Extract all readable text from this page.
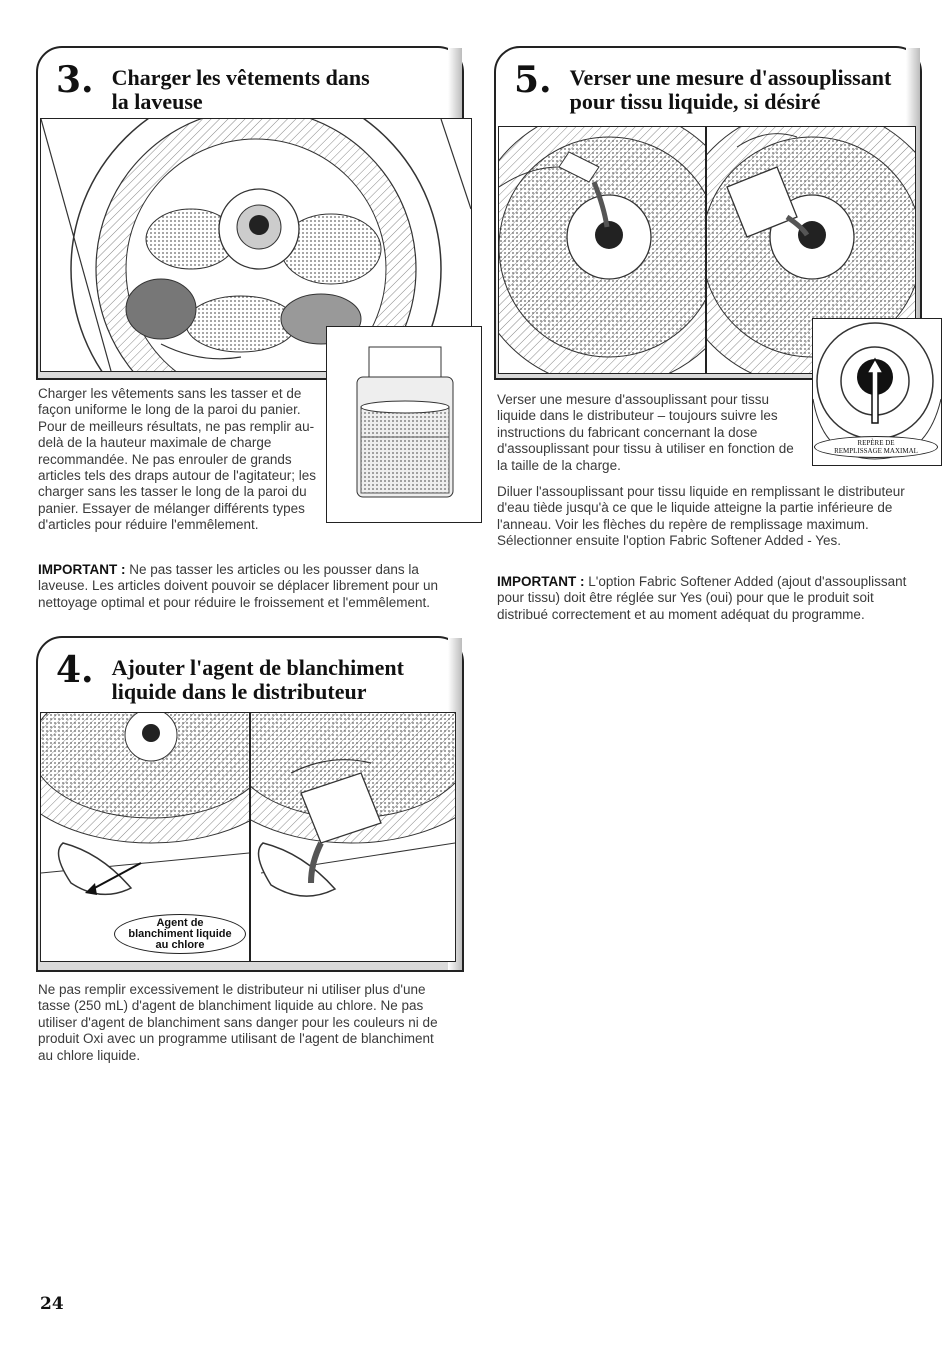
3. Charger les vêtements dans
la laveuse
Charger les vêtements sans les tasser et de façon uniforme le long de la paroi du panier. Pour de meilleurs résultats, ne pas remplir au-delà de la hauteur maximale de charge recommandée. Ne pas enrouler de grands articles tels des draps autour de l'agitateur; les charger sans les tasser le long de la paroi du panier. Essayer de mélanger différents types d'articles pour réduire l'emmêlement.
IMPORTANT : Ne pas tasser les articles ou les pousser dans la laveuse. Les articles doivent pouvoir se déplacer librement pour un nettoyage optimal et pour réduire le froissement et l'emmêlement.
4. Ajouter l'agent de blanchiment
liquide dans le distributeur
Agent de
blanchiment liquide
au chlore
Ne pas remplir excessivement le distributeur ni utiliser plus d'une tasse (250 mL) d'agent de blanchiment liquide au chlore. Ne pas utiliser d'agent de blanchiment sans danger pour les couleurs ni de produit Oxi avec un programme utilisant de l'agent de blanchiment au chlore liquide.
5. Verser une mesure d'assouplissant
pour tissu liquide, si désiré
REPÈRE DE
REMPLISSAGE MAXIMAL
Verser une mesure d'assouplissant pour tissu liquide dans le distributeur – toujours suivre les instructions du fabricant concernant la dose d'assouplissant pour tissu à utiliser en fonction de la taille de la charge.
Diluer l'assouplissant pour tissu liquide en remplissant le distributeur d'eau tiède jusqu'à ce que le liquide atteigne la partie inférieure de l'anneau. Voir les flèches du repère de remplissage maximum. Sélectionner ensuite l'option Fabric Softener Added - Yes.
IMPORTANT : L'option Fabric Softener Added (ajout d'assouplissant pour tissu) doit être réglée sur Yes (oui) pour que le produit soit distribué correctement et au moment adéquat du programme.
24
